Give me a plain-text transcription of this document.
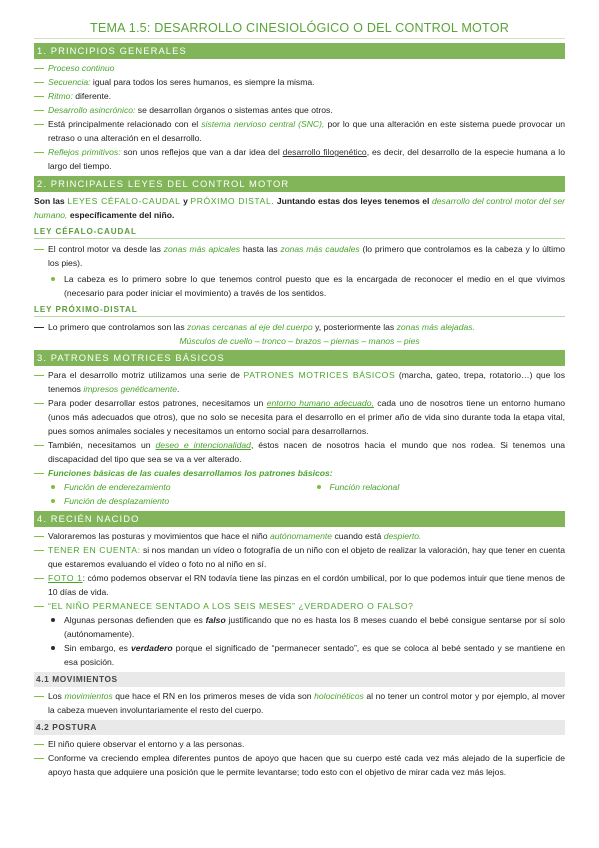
TEMA 1.5: DESARROLLO CINESIOLÓGICO O DEL CONTROL MOTOR
1. PRINCIPIOS GENERALES
Proceso continuo
Secuencia: igual para todos los seres humanos, es siempre la misma.
Ritmo: diferente.
Desarrollo asincrónico: se desarrollan órganos o sistemas antes que otros.
Está principalmente relacionado con el sistema nervioso central (SNC), por lo que una alteración en este sistema puede provocar un retraso o una alteración en el desarrollo.
Reflejos primitivos: son unos reflejos que van a dar idea del desarrollo filogenético, es decir, del desarrollo de la especie humana a lo largo del tiempo.
2. PRINCIPALES LEYES DEL CONTROL MOTOR

Son las LEYES CÉFALO-CAUDAL y PRÓXIMO DISTAL. Juntando estas dos leyes tenemos el desarrollo del control motor del ser humano, específicamente del niño.

LEY CÉFALO-CAUDAL
El control motor va desde las zonas más apicales hasta las zonas más caudales (lo primero que controlamos es la cabeza y lo último los pies).
La cabeza es lo primero sobre lo que tenemos control puesto que es la encargada de reconocer el medio en el que vivimos (necesario para poder iniciar el movimiento) a través de los sentidos.
LEY PRÓXIMO-DISTAL
Lo primero que controlamos son las zonas cercanas al eje del cuerpo y, posteriormente las zonas más alejadas.
Músculos de cuello – tronco – brazos – piernas – manos – pies
3. PATRONES MOTRICES BÁSICOS
Para el desarrollo motriz utilizamos una serie de PATRONES MOTRICES BÁSICOS (marcha, gateo, trepa, rotatorio…) que los tenemos impresos genéticamente.
Para poder desarrollar estos patrones, necesitamos un entorno humano adecuado, cada uno de nosotros tiene un entorno humano (unos más adecuados que otros), que no solo se necesita para el desarrollo en el primer año de vida sino durante toda la etapa vital, pues somos animales sociales y necesitamos un entorno social para desarrollarnos.
También, necesitamos un deseo e intencionalidad, éstos nacen de nosotros hacia el mundo que nos rodea. Si tenemos una discapacidad del tipo que sea se va a ver alterado.
Funciones básicas de las cuales desarrollamos los patrones básicos:
Función de enderezamiento	Función relacional
Función de desplazamiento
4. RECIÉN NACIDO
Valoraremos las posturas y movimientos que hace el niño autónomamente cuando está despierto.
TENER EN CUENTA: si nos mandan un vídeo o fotografía de un niño con el objeto de realizar la valoración, hay que tener en cuenta que estaremos evaluando el vídeo o foto no al niño en sí.
FOTO 1: cómo podemos observar el RN todavía tiene las pinzas en el cordón umbilical, por lo que podemos intuir que tiene menos de 10 días de vida.
“EL NIÑO PERMANECE SENTADO A LOS SEIS MESES” ¿VERDADERO O FALSO?
Algunas personas defienden que es falso justificando que no es hasta los 8 meses cuando el bebé consigue sentarse por sí solo (autónomamente).
Sin embargo, es verdadero porque el significado de “permanecer sentado”, es que se coloca al bebé sentado y se mantiene en esa posición.
4.1 MOVIMIENTOS
Los movimientos que hace el RN en los primeros meses de vida son holocinéticos al no tener un control motor y por ejemplo, al mover la cabeza mueven involuntariamente el resto del cuerpo.
4.2 POSTURA
El niño quiere observar el entorno y a las personas.
Conforme va creciendo emplea diferentes puntos de apoyo que hacen que su cuerpo esté cada vez más alejado de la superficie de apoyo hasta que adquiere una posición que le permite levantarse; todo esto con el objetivo de mirar cada vez más lejos.
